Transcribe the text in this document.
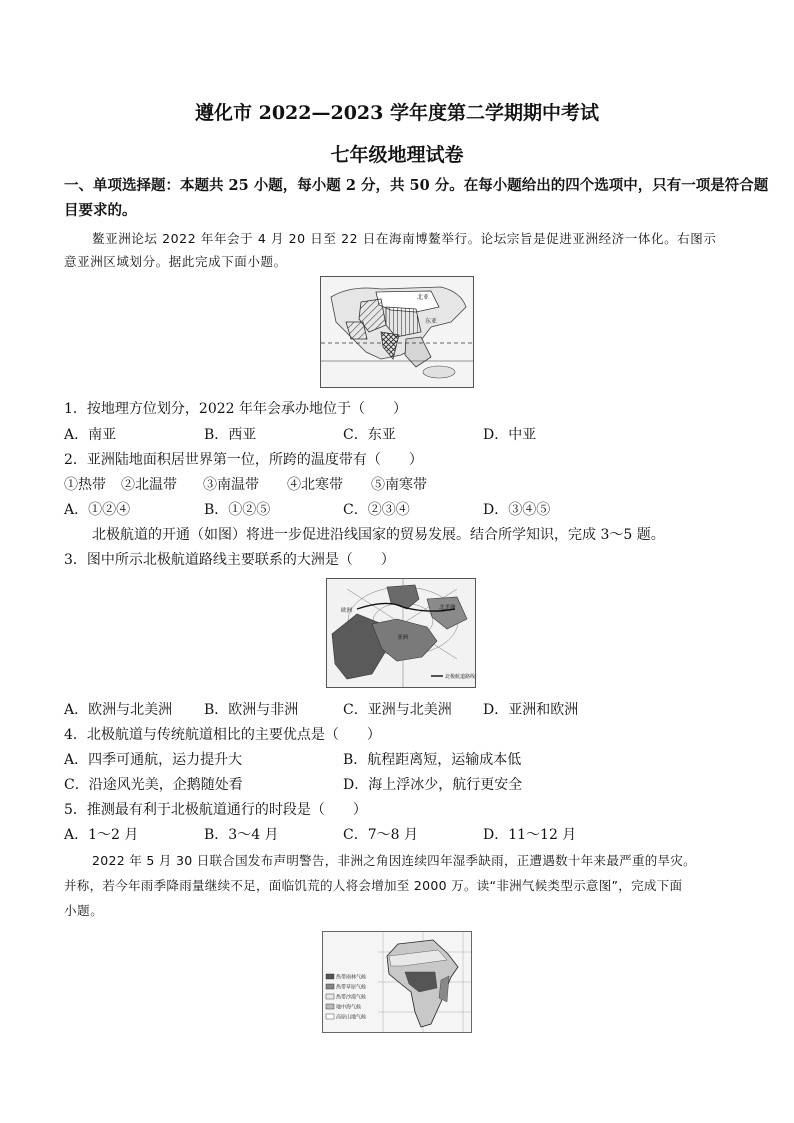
遵化市 2022—2023 学年度第二学期期中考试
七年级地理试卷
一、单项选择题：本题共 25 小题，每小题 2 分，共 50 分。在每小题给出的四个选项中，只有一项是符合题
目要求的。
鳌亚洲论坛 2022 年年会于 4 月 20 日至 22 日在海南博鳌举行。论坛宗旨是促进亚洲经济一体化。右图示
意亚洲区域划分。据此完成下面小题。
北亚
东亚
1．按地理方位划分，2022 年年会承办地位于（　　）
A．南亚	B．西亚	C．东亚	D．中亚
2．亚洲陆地面积居世界第一位，所跨的温度带有（　　）
①热带 ②北温带 ③南温带 ④北寒带 ⑤南寒带
A．①②④	B．①②⑤	C．②③④	D．③④⑤
北极航道的开通（如图）将进一步促进沿线国家的贸易发展。结合所学知识，完成 3～5 题。
3．图中所示北极航道路线主要联系的大洲是（　　）
欧洲
亚洲
北美洲
北极航道路线
A．欧洲与北美洲 B．欧洲与非洲	C．亚洲与北美洲 D．亚洲和欧洲
4．北极航道与传统航道相比的主要优点是（　　）
A．四季可通航，运力提升大	B．航程距离短，运输成本低
C．沿途风光美，企鹅随处看	D．海上浮冰少，航行更安全
5．推测最有利于北极航道通行的时段是（　　）
A．1～2 月	B．3～4 月	C．7～8 月	D．11～12 月
2022 年 5 月 30 日联合国发布声明警告，非洲之角因连续四年湿季缺雨，正遭遇数十年来最严重的旱灾。
并称，若今年雨季降雨量继续不足，面临饥荒的人将会增加至 2000 万。读“非洲气候类型示意图”，完成下面
小题。
热带雨林气候
热带草原气候
热带沙漠气候
地中海气候
高原山地气候
